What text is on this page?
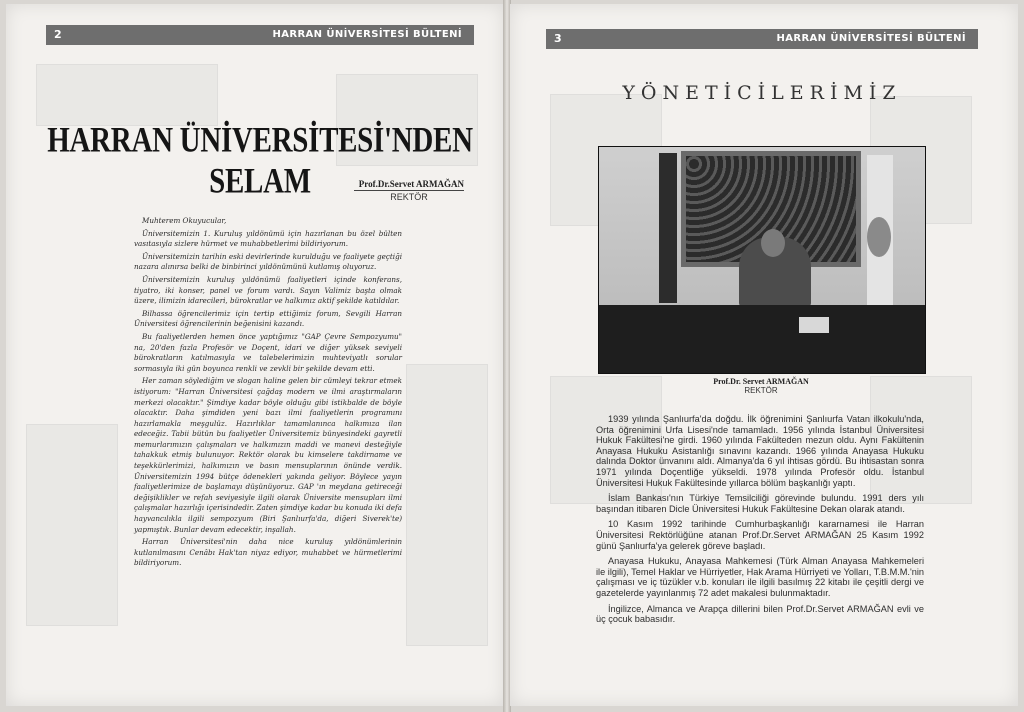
2	HARRAN ÜNİVERSİTESİ BÜLTENİ
HARRAN ÜNİVERSİTESİ'NDEN SELAM	Prof.Dr.Servet ARMAĞAN
REKTÖR

Muhterem Okuyucular,

Üniversitemizin 1. Kuruluş yıldönümü için hazırlanan bu özel bülten vasıtasıyla sizlere hürmet ve muhabbetlerimi bildiriyorum.

Üniversitemizin tarihin eski devirlerinde kurulduğu ve faaliyete geçtiği nazara alınırsa belki de binbirinci yıldönümünü kutlamış oluyoruz.

Üniversitemizin kuruluş yıldönümü faaliyetleri içinde konferans, tiyatro, iki konser, panel ve forum vardı. Sayın Valimiz başta olmak üzere, ilimizin idarecileri, bürokratlar ve halkımız aktif şekilde katıldılar.

Bilhassa öğrencilerimiz için tertip ettiğimiz forum, Sevgili Harran Üniversitesi öğrencilerinin beğenisini kazandı.

Bu faaliyetlerden hemen önce yaptığımız "GAP Çevre Sempozyumu" na, 20'den fazla Profesör ve Doçent, idari ve diğer yüksek seviyeli bürokratların katılmasıyla ve talebelerimizin muhteviyatlı sorular sormasıyla iki gün boyunca renkli ve zevkli bir şekilde devam etti.

Her zaman söylediğim ve slogan haline gelen bir cümleyi tekrar etmek istiyorum: "Harran Üniversitesi çağdaş modern ve ilmi araştırmaların merkezi olacaktır." Şimdiye kadar böyle olduğu gibi istikbalde de böyle olacaktır. Daha şimdiden yeni bazı ilmi faaliyetlerin programını hazırlamakla meşgulüz. Hazırlıklar tamamlanınca halkımıza ilan edeceğiz. Tabii bütün bu faaliyetler Üniversitemiz bünyesindeki gayretli memurlarımızın çalışmaları ve halkımızın maddi ve manevi desteğiyle tahakkuk etmiş bulunuyor. Rektör olarak bu kimselere takdirname ve teşekkürlerimizi, halkımızın ve basın mensuplarının önünde verdik. Üniversitemizin 1994 bütçe ödenekleri yakında geliyor. Böylece yayın faaliyetlerimize de başlamayı düşünüyoruz. GAP 'ın meydana getireceği değişiklikler ve refah seviyesiyle ilgili olarak Üniversite mensupları ilmi çalışmalar hazırlığı içerisindedir. Zaten şimdiye kadar bu konuda iki defa hayvancılıkla ilgili sempozyum (Biri Şanlıurfa'da, diğeri Siverek'te) yapmıştık. Bunlar devam edecektir, inşallah.

Harran Üniversitesi'nin daha nice kuruluş yıldönümlerinin kutlanılmasını Cenâbı Hak'tan niyaz ediyor, muhabbet ve hürmetlerimi bildiriyorum.

3	HARRAN ÜNİVERSİTESİ BÜLTENİ
YÖNETİCİLERİMİZ
Prof.Dr. Servet ARMAĞAN
REKTÖR

1939 yılında Şanlıurfa'da doğdu. İlk öğrenimini Şanlıurfa Vatan ilkokulu'nda, Orta öğrenimini Urfa Lisesi'nde tamamladı. 1956 yılında İstanbul Üniversitesi Hukuk Fakültesi'ne girdi. 1960 yılında Fakülteden mezun oldu. Aynı Fakültenin Anayasa Hukuku Asistanlığı sınavını kazandı. 1966 yılında Anayasa Hukuku dalında Doktor ünvanını aldı. Almanya'da 6 yıl ihtisas gördü. Bu ihtisastan sonra 1971 yılında Doçentliğe yükseldi. 1978 yılında Profesör oldu. İstanbul Üniversitesi Hukuk Fakültesinde yıllarca bölüm başkanlığı yaptı.

İslam Bankası'nın Türkiye Temsilciliği görevinde bulundu. 1991 ders yılı başından itibaren Dicle Üniversitesi Hukuk Fakültesine Dekan olarak atandı.

10 Kasım 1992 tarihinde Cumhurbaşkanlığı kararnamesi ile Harran Üniversitesi Rektörlüğüne atanan Prof.Dr.Servet ARMAĞAN 25 Kasım 1992 günü Şanlıurfa'ya gelerek göreve başladı.

Anayasa Hukuku, Anayasa Mahkemesi (Türk Alman Anayasa Mahkemeleri ile ilgili), Temel Haklar ve Hürriyetler, Hak Arama Hürriyeti ve Yolları, T.B.M.M.'nin çalışması ve iç tüzükler v.b. konuları ile ilgili basılmış 22 kitabı ile çeşitli dergi ve gazetelerde yayınlanmış 72 adet makalesi bulunmaktadır.

İngilizce, Almanca ve Arapça dillerini bilen Prof.Dr.Servet ARMAĞAN evli ve üç çocuk babasıdır.
